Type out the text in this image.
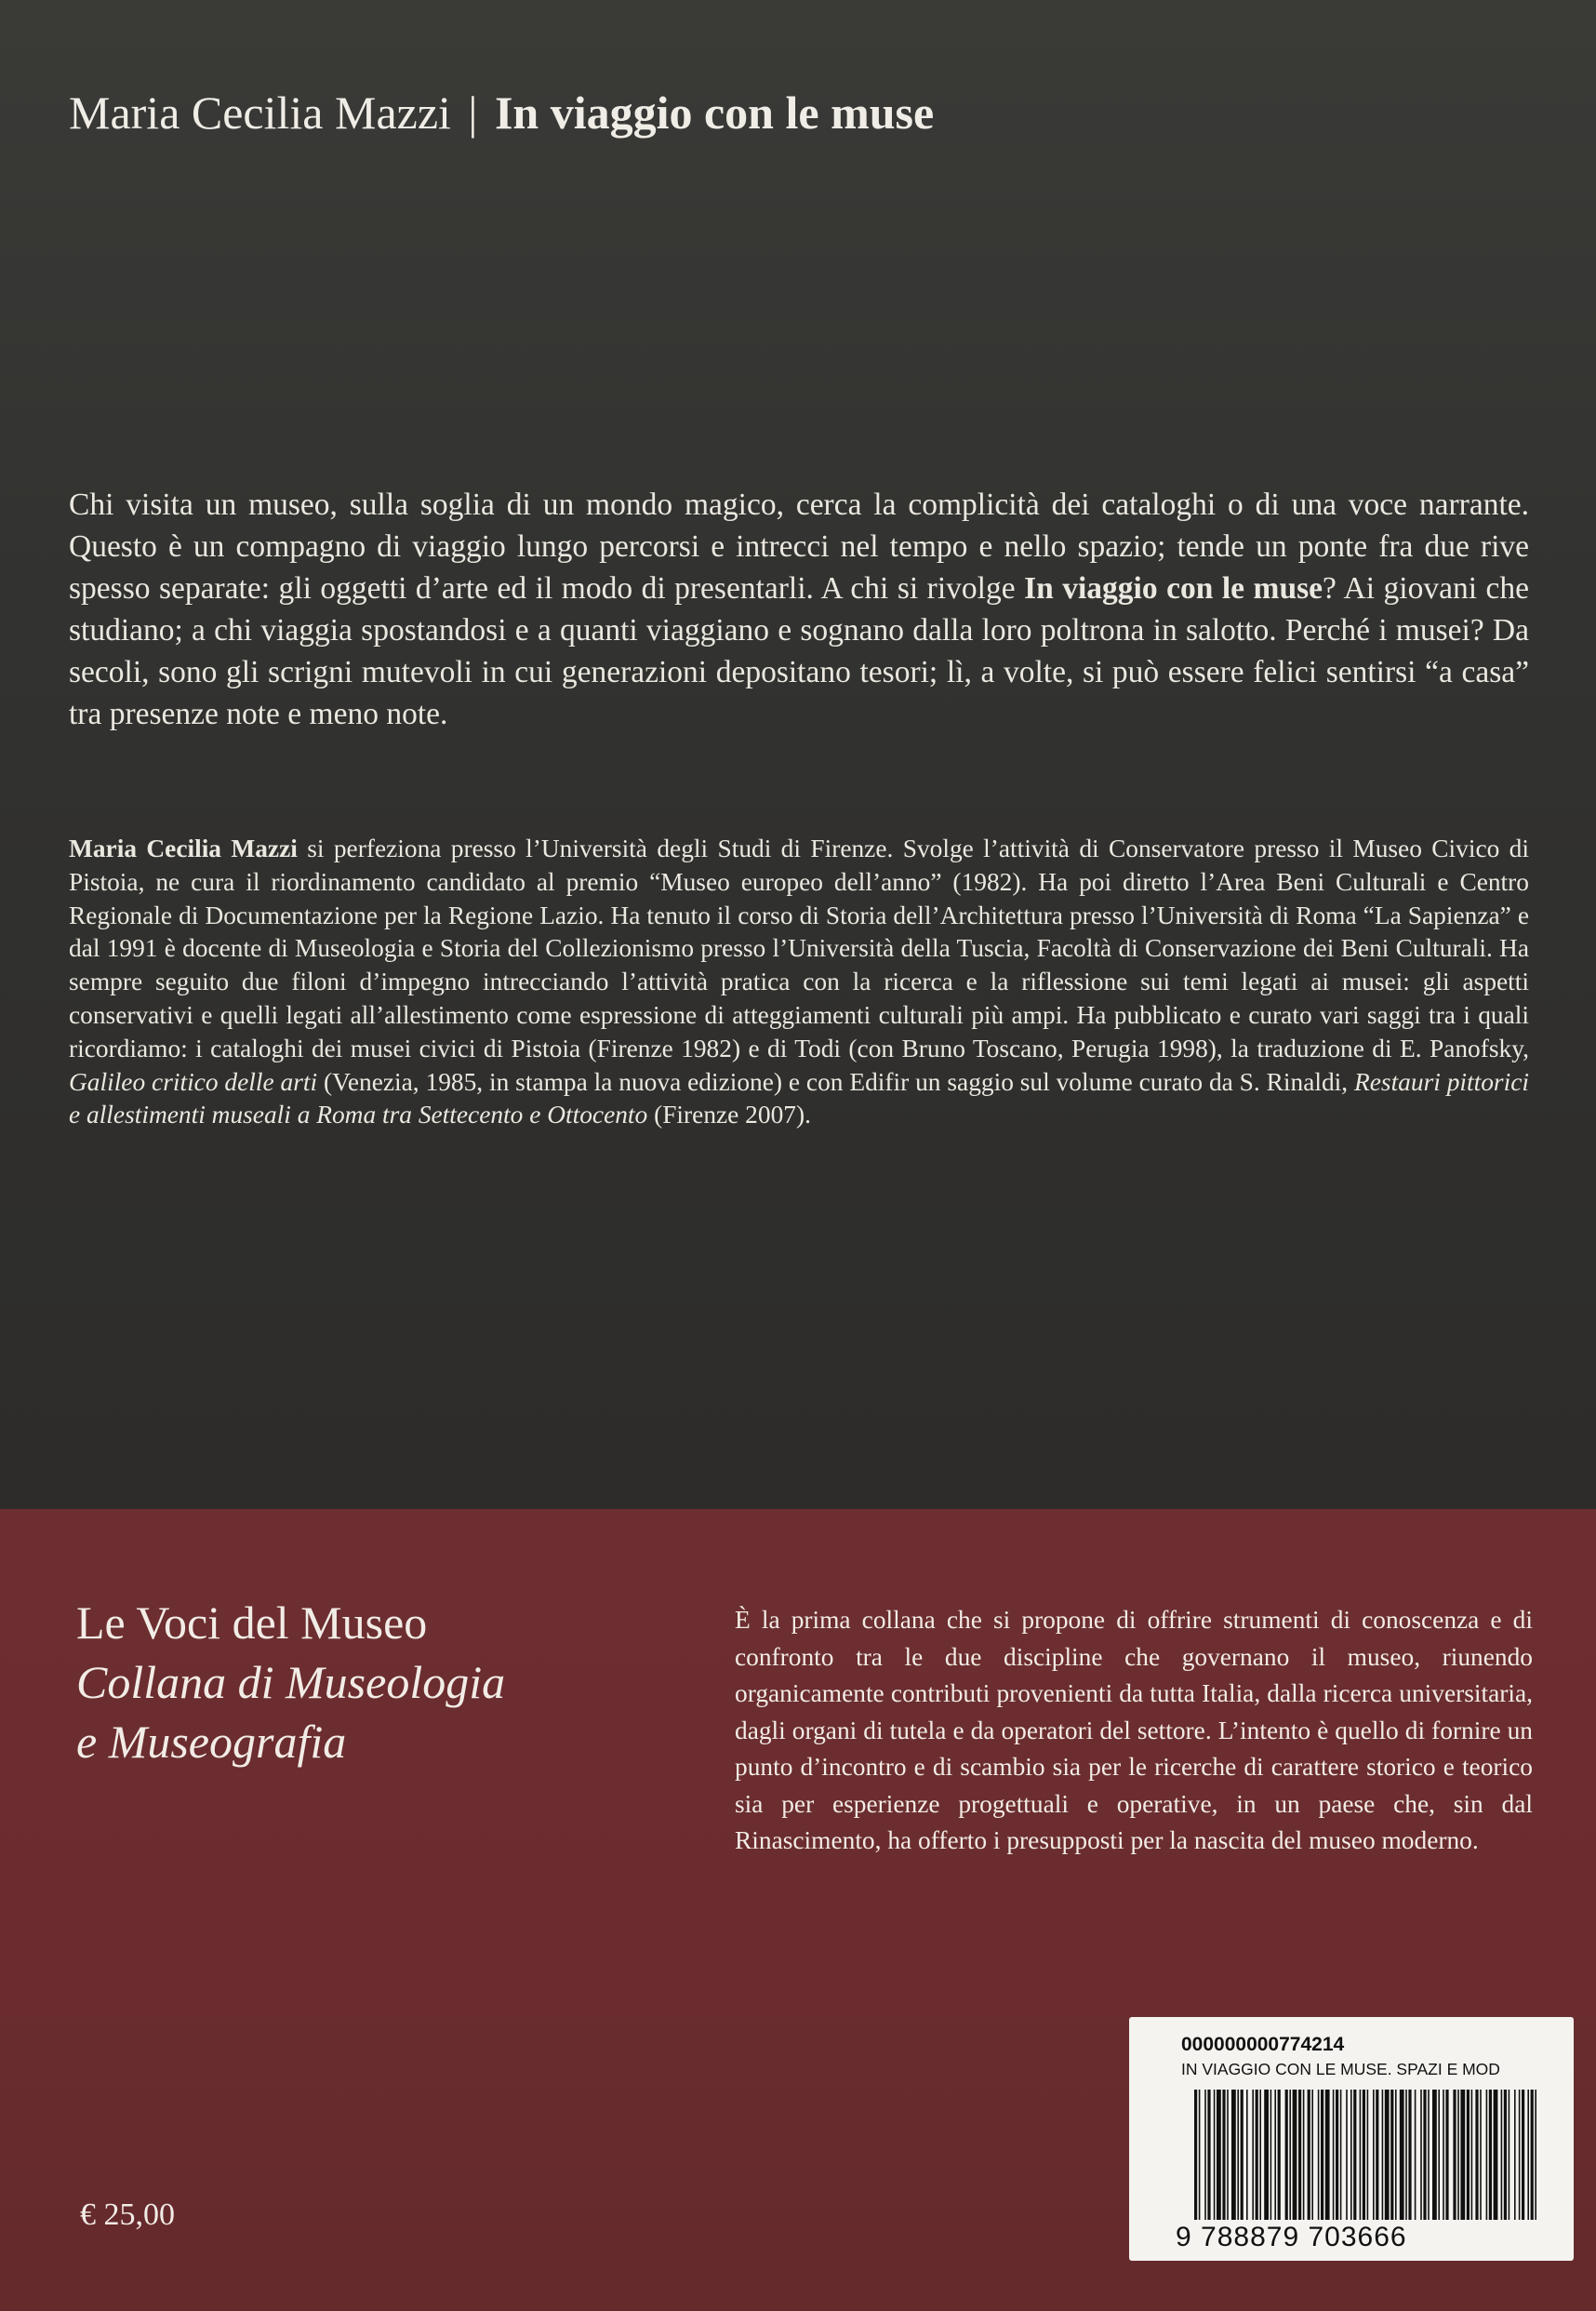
Maria Cecilia Mazzi | In viaggio con le muse
Chi visita un museo, sulla soglia di un mondo magico, cerca la complicità dei cataloghi o di una voce narrante. Questo è un compagno di viaggio lungo percorsi e intrecci nel tempo e nello spazio; tende un ponte fra due rive spesso separate: gli oggetti d’arte ed il modo di presentarli. A chi si rivolge In viaggio con le muse? Ai giovani che studiano; a chi viaggia spostandosi e a quanti viaggiano e sognano dalla loro poltrona in salotto. Perché i musei? Da secoli, sono gli scrigni mutevoli in cui generazioni depositano tesori; lì, a volte, si può essere felici sentirsi “a casa” tra presenze note e meno note.
Maria Cecilia Mazzi si perfeziona presso l’Università degli Studi di Firenze. Svolge l’attività di Conservatore presso il Museo Civico di Pistoia, ne cura il riordinamento candidato al premio “Museo europeo dell’anno” (1982). Ha poi diretto l’Area Beni Culturali e Centro Regionale di Documentazione per la Regione Lazio. Ha tenuto il corso di Storia dell’Architettura presso l’Università di Roma “La Sapienza” e dal 1991 è docente di Museologia e Storia del Collezionismo presso l’Università della Tuscia, Facoltà di Conservazione dei Beni Culturali. Ha sempre seguito due filoni d’impegno intrecciando l’attività pratica con la ricerca e la riflessione sui temi legati ai musei: gli aspetti conservativi e quelli legati all’allestimento come espressione di atteggiamenti culturali più ampi. Ha pubblicato e curato vari saggi tra i quali ricordiamo: i cataloghi dei musei civici di Pistoia (Firenze 1982) e di Todi (con Bruno Toscano, Perugia 1998), la traduzione di E. Panofsky, Galileo critico delle arti (Venezia, 1985, in stampa la nuova edizione) e con Edifir un saggio sul volume curato da S. Rinaldi, Restauri pittorici e allestimenti museali a Roma tra Settecento e Ottocento (Firenze 2007).
Le Voci del Museo
Collana di Museologia
e Museografia
È la prima collana che si propone di offrire strumenti di conoscenza e di confronto tra le due discipline che governano il museo, riunendo organicamente contributi provenienti da tutta Italia, dalla ricerca universitaria, dagli organi di tutela e da operatori del settore. L’intento è quello di fornire un punto d’incontro e di scambio sia per le ricerche di carattere storico e teorico sia per esperienze progettuali e operative, in un paese che, sin dal Rinascimento, ha offerto i presupposti per la nascita del museo moderno.
€ 25,00
000000000774214
IN VIAGGIO CON LE MUSE. SPAZI E MOD
9 788879 703666
